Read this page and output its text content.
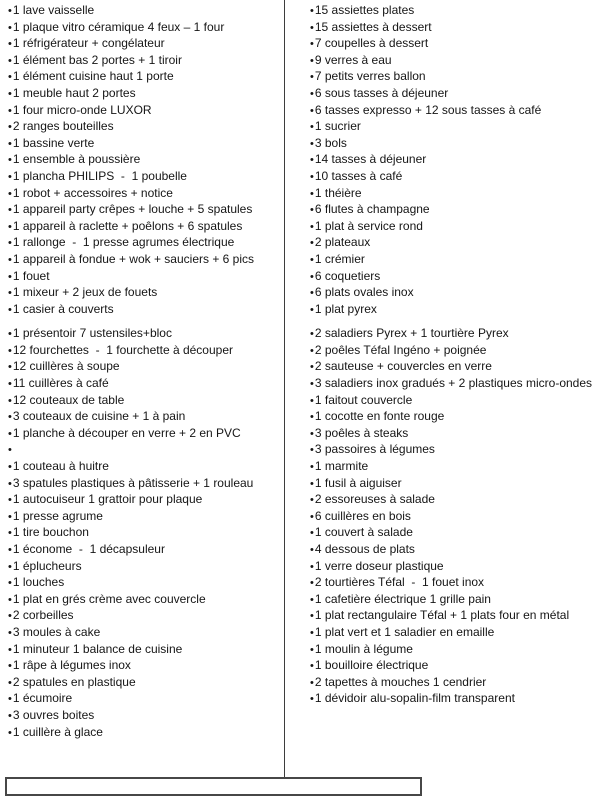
•1 lave vaisselle
•1 plaque vitro céramique 4 feux – 1 four
•1 réfrigérateur + congélateur
•1 élément bas 2 portes + 1 tiroir
•1 élément cuisine haut 1 porte
•1 meuble haut 2 portes
•1 four micro-onde LUXOR
•2 ranges bouteilles
•1 bassine verte
•1 ensemble à poussière
•1 plancha PHILIPS  -  1 poubelle
•1 robot + accessoires + notice
•1 appareil party crêpes + louche + 5 spatules
•1 appareil à raclette + poêlons + 6 spatules
•1 rallonge  -  1 presse agrumes électrique
•1 appareil à fondue + wok + sauciers + 6 pics
•1 fouet
•1 mixeur + 2 jeux de fouets
•1 casier à couverts
•1 présentoir 7 ustensiles+bloc
•12 fourchettes  -  1 fourchette à découper
•12 cuillères à soupe
•11 cuillères à café
•12 couteaux de table
•3 couteaux de cuisine + 1 à pain
•1 planche à découper en verre + 2 en PVC
•
•1 couteau à huitre
•3 spatules plastiques à pâtisserie + 1 rouleau
•1 autocuiseur 1 grattoir pour plaque
•1 presse agrume
•1 tire bouchon
•1 économe  -  1 décapsuleur
•1 éplucheurs
•1 louches
•1 plat en grés crème avec couvercle
•2 corbeilles
•3 moules à cake
•1 minuteur 1 balance de cuisine
•1 râpe à légumes inox
•2 spatules en plastique
•1 écumoire
•3 ouvres boites
•1 cuillère à glace
•15 assiettes plates
•15 assiettes à dessert
•7 coupelles à dessert
•9 verres à eau
•7 petits verres ballon
•6 sous tasses à déjeuner
•6 tasses expresso + 12 sous tasses à café
•1 sucrier
•3 bols
•14 tasses à déjeuner
•10 tasses à café
•1 théière
•6 flutes à champagne
•1 plat à service rond
•2 plateaux
•1 crémier
•6 coquetiers
•6 plats ovales inox
•1 plat pyrex
•2 saladiers Pyrex + 1 tourtière Pyrex
•2 poêles Téfal Ingéno + poignée
•2 sauteuse + couvercles en verre
•3 saladiers inox gradués + 2 plastiques micro-ondes
•1 faitout couvercle
•1 cocotte en fonte rouge
•3 poêles à steaks
•3 passoires à légumes
•1 marmite
•1 fusil à aiguiser
•2 essoreuses à salade
•6 cuillères en bois
•1 couvert à salade
•4 dessous de plats
•1 verre doseur plastique
•2 tourtières Téfal  -  1 fouet inox
•1 cafetière électrique 1 grille pain
•1 plat rectangulaire Téfal + 1 plats four en métal
•1 plat vert et 1 saladier en emaille
•1 moulin à légume
•1 bouilloire électrique
•2 tapettes à mouches 1 cendrier
•1 dévidoir alu-sopalin-film transparent
